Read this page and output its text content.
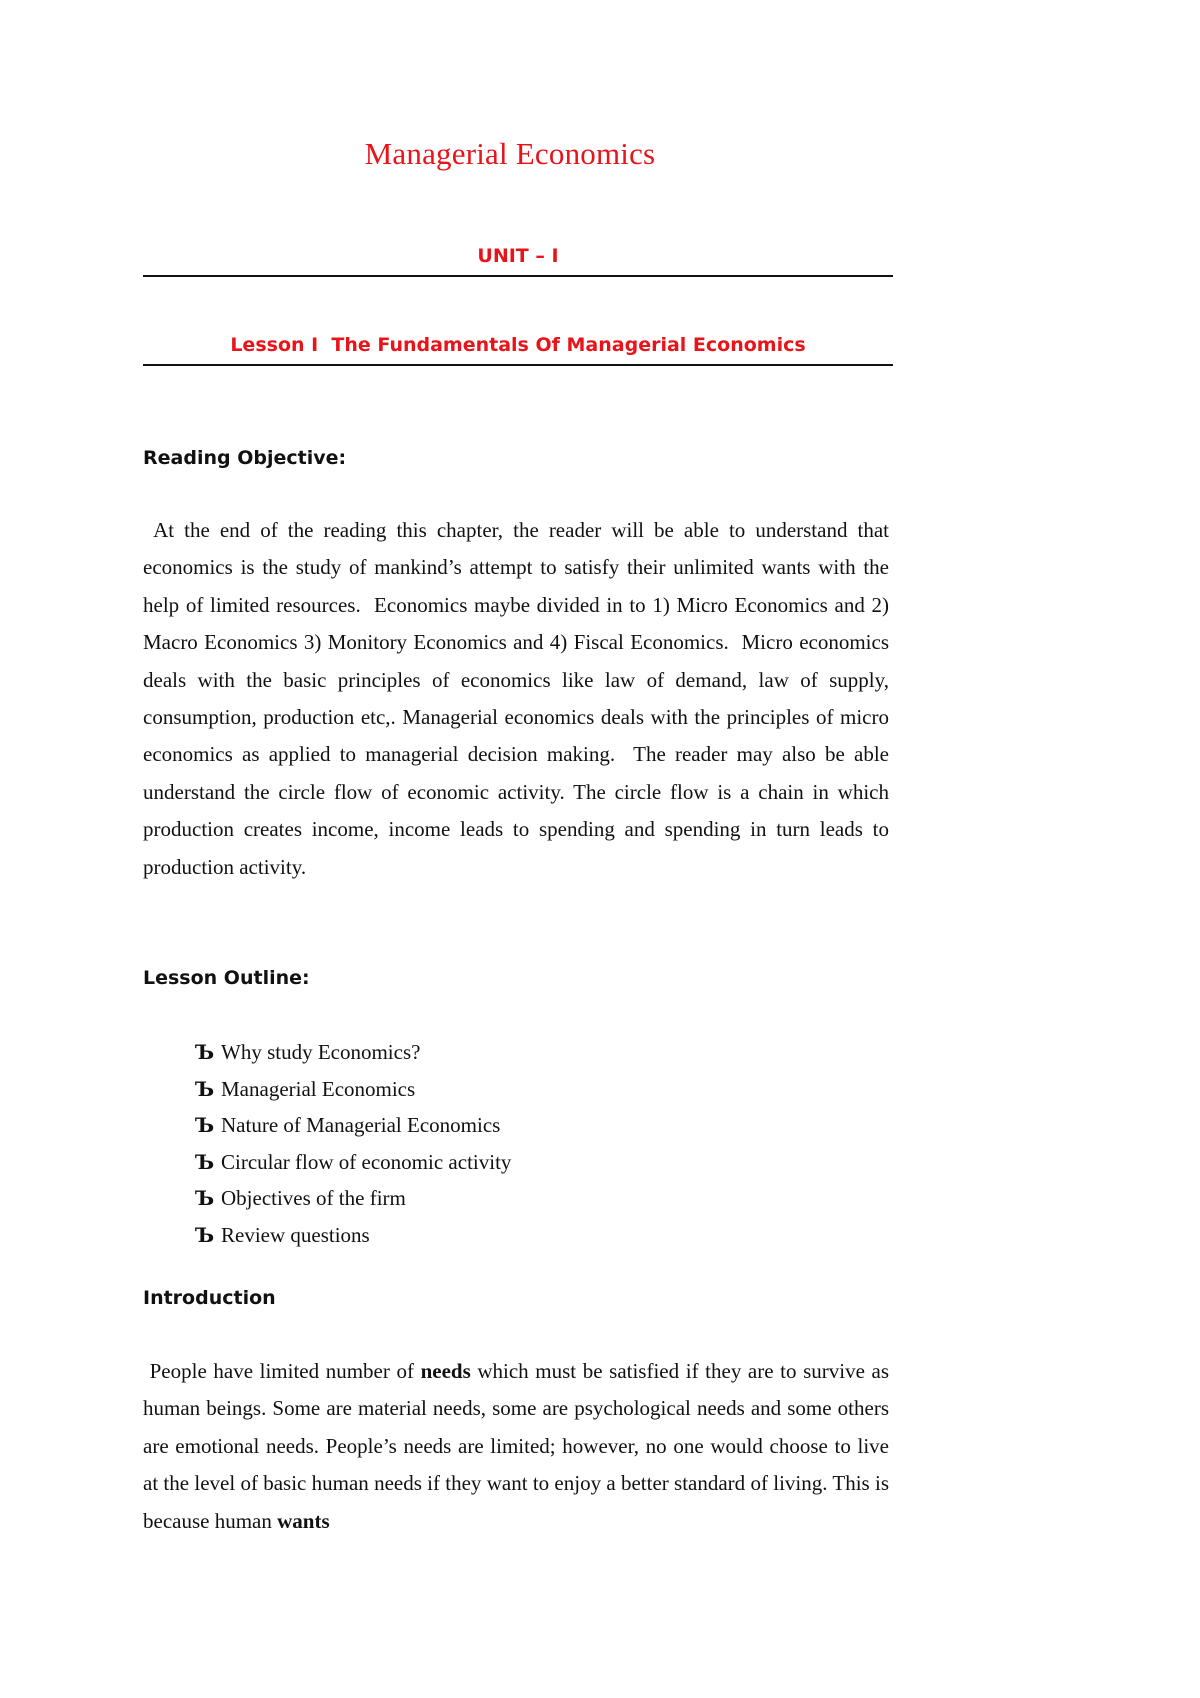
Managerial Economics
UNIT – I
Lesson I  The Fundamentals Of Managerial Economics
Reading Objective:

At the end of the reading this chapter, the reader will be able to understand that economics is the study of mankind’s attempt to satisfy their unlimited wants with the help of limited resources.  Economics maybe divided in to 1) Micro Economics and 2) Macro Economics 3) Monitory Economics and 4) Fiscal Economics.  Micro economics deals with the basic principles of economics like law of demand, law of supply, consumption, production etc,. Managerial economics deals with the principles of micro economics as applied to managerial decision making.  The reader may also be able understand the circle flow of economic activity. The circle flow is a chain in which production creates income, income leads to spending and spending in turn leads to production activity.

Lesson Outline:
Ъ Why study Economics?
Ъ Managerial Economics
Ъ Nature of Managerial Economics
Ъ Circular flow of economic activity
Ъ Objectives of the firm
Ъ Review questions
Introduction

People have limited number of needs which must be satisfied if they are to survive as human beings. Some are material needs, some are psychological needs and some others are emotional needs. People’s needs are limited; however, no one would choose to live at the level of basic human needs if they want to enjoy a better standard of living. This is because human wants
